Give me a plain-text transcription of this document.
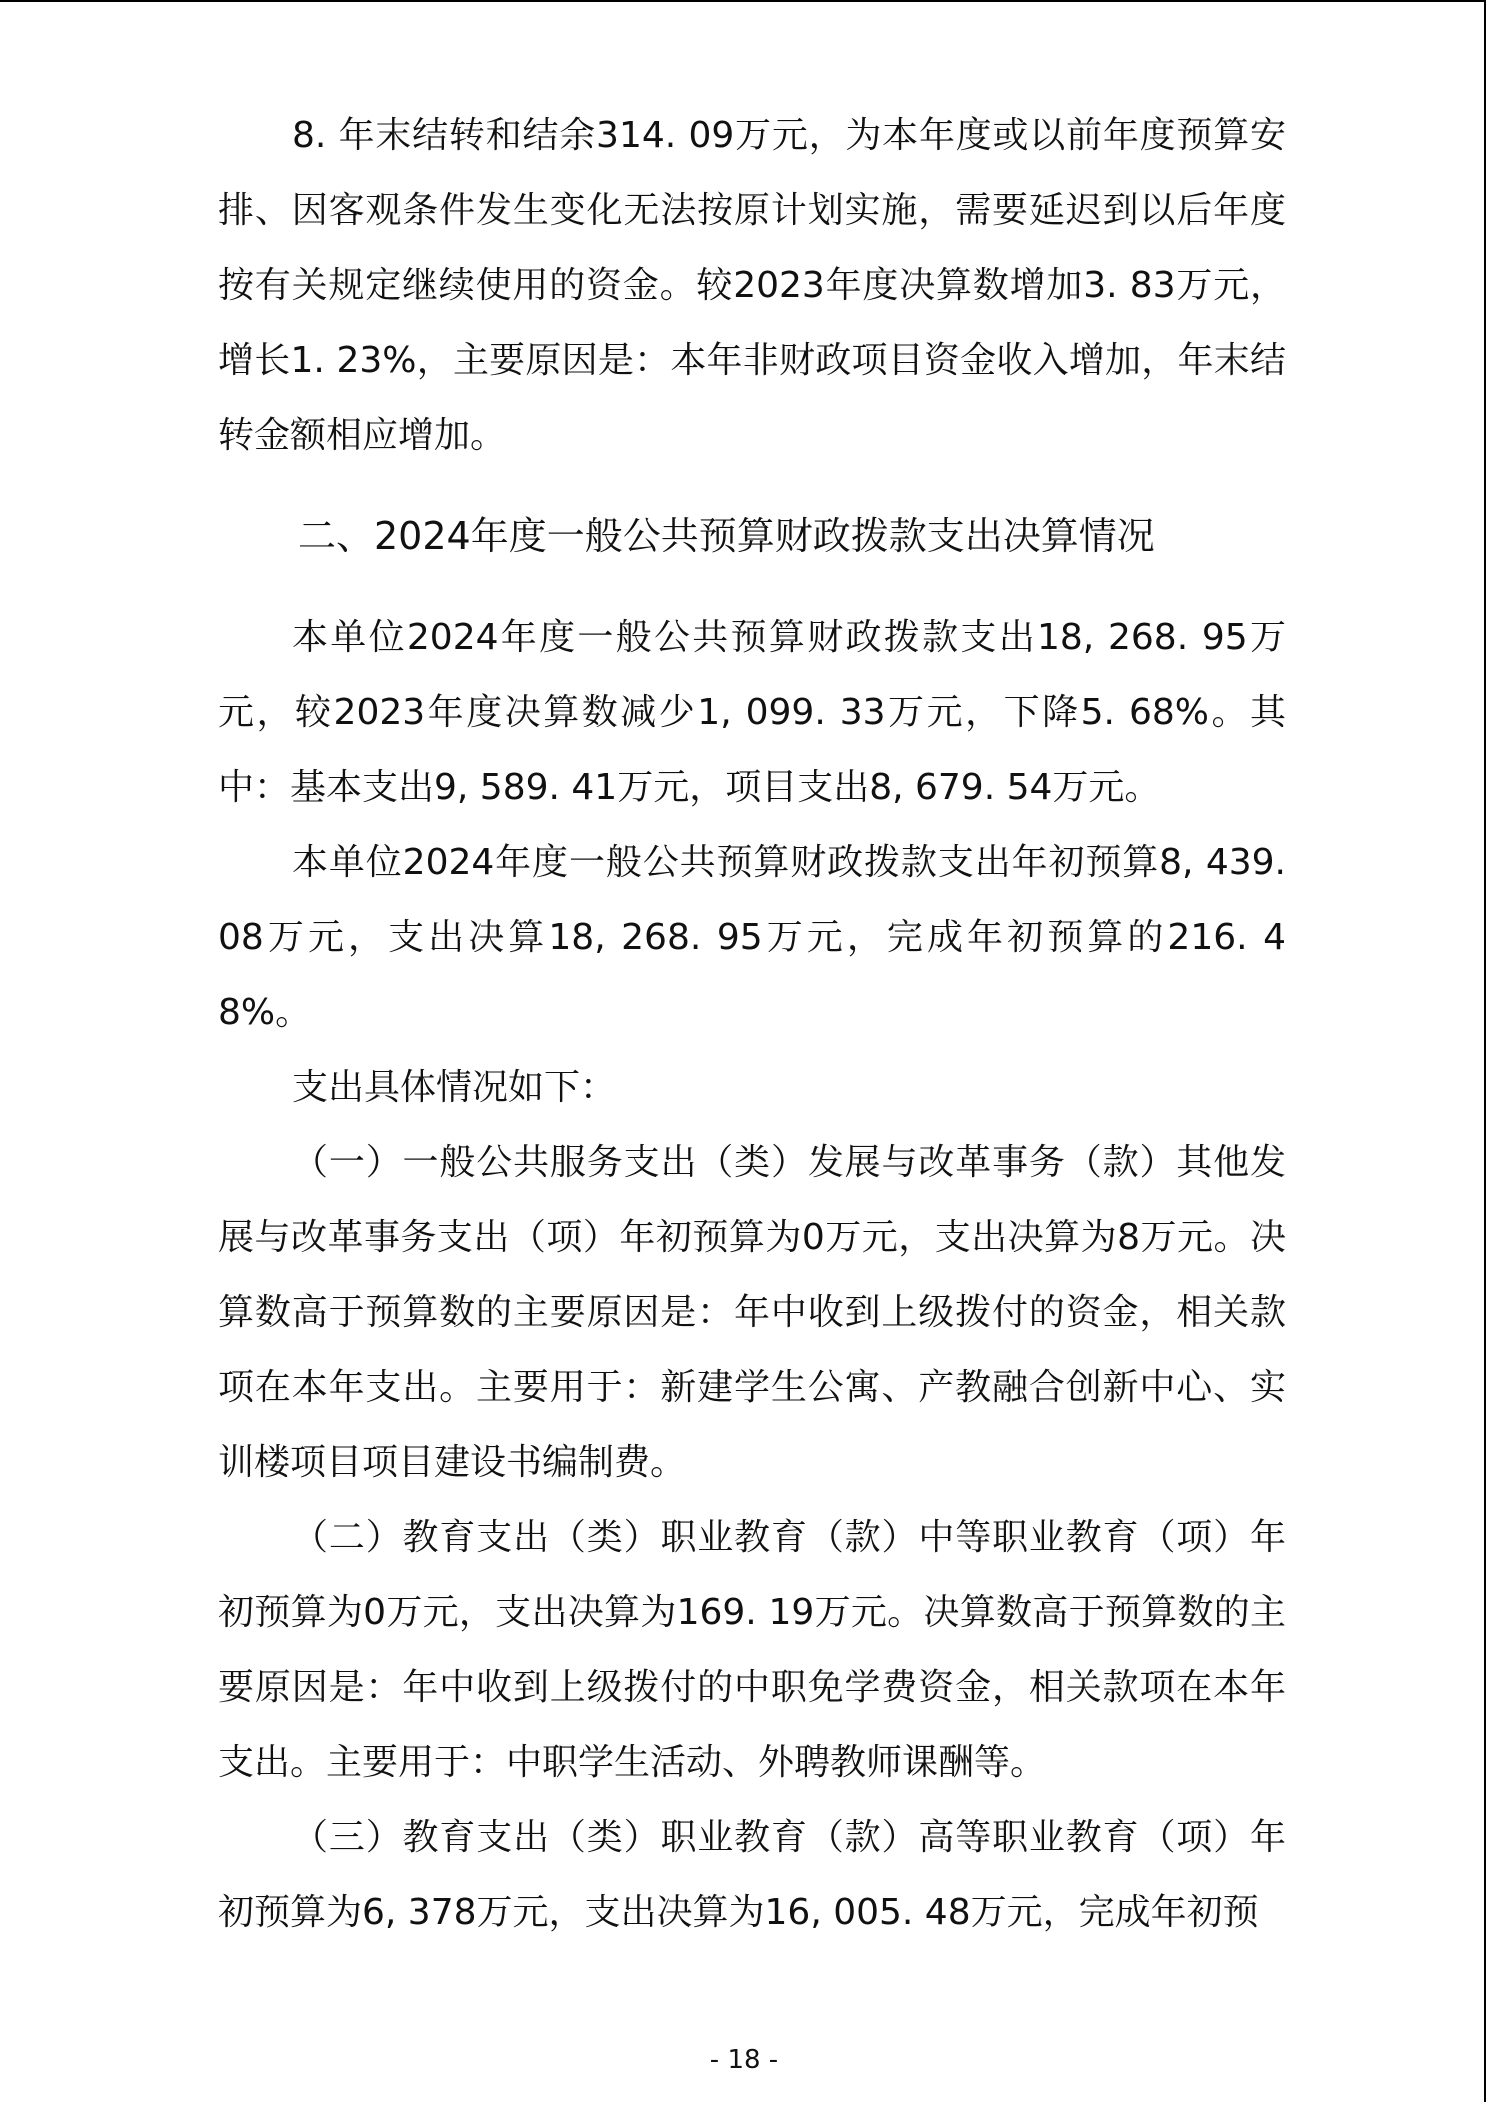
8. 年末结转和结余314. 09万元，为本年度或以前年度预算安排、因客观条件发生变化无法按原计划实施，需要延迟到以后年度按有关规定继续使用的资金。较2023年度决算数增加3. 83万元，增长1. 23%，主要原因是：本年非财政项目资金收入增加，年末结转金额相应增加。

二、2024年度一般公共预算财政拨款支出决算情况

本单位2024年度一般公共预算财政拨款支出18, 268. 95万元，较2023年度决算数减少1, 099. 33万元，下降5. 68%。其中：基本支出9, 589. 41万元，项目支出8, 679. 54万元。

本单位2024年度一般公共预算财政拨款支出年初预算8, 439. 08万元，支出决算18, 268. 95万元，完成年初预算的216. 48%。

支出具体情况如下：

（一）一般公共服务支出（类）发展与改革事务（款）其他发展与改革事务支出（项）年初预算为0万元，支出决算为8万元。决算数高于预算数的主要原因是：年中收到上级拨付的资金，相关款项在本年支出。主要用于：新建学生公寓、产教融合创新中心、实训楼项目项目建设书编制费。

（二）教育支出（类）职业教育（款）中等职业教育（项）年初预算为0万元，支出决算为169. 19万元。决算数高于预算数的主要原因是：年中收到上级拨付的中职免学费资金，相关款项在本年支出。主要用于：中职学生活动、外聘教师课酬等。

（三）教育支出（类）职业教育（款）高等职业教育（项）年初预算为6, 378万元，支出决算为16, 005. 48万元，完成年初预

- 18 -
